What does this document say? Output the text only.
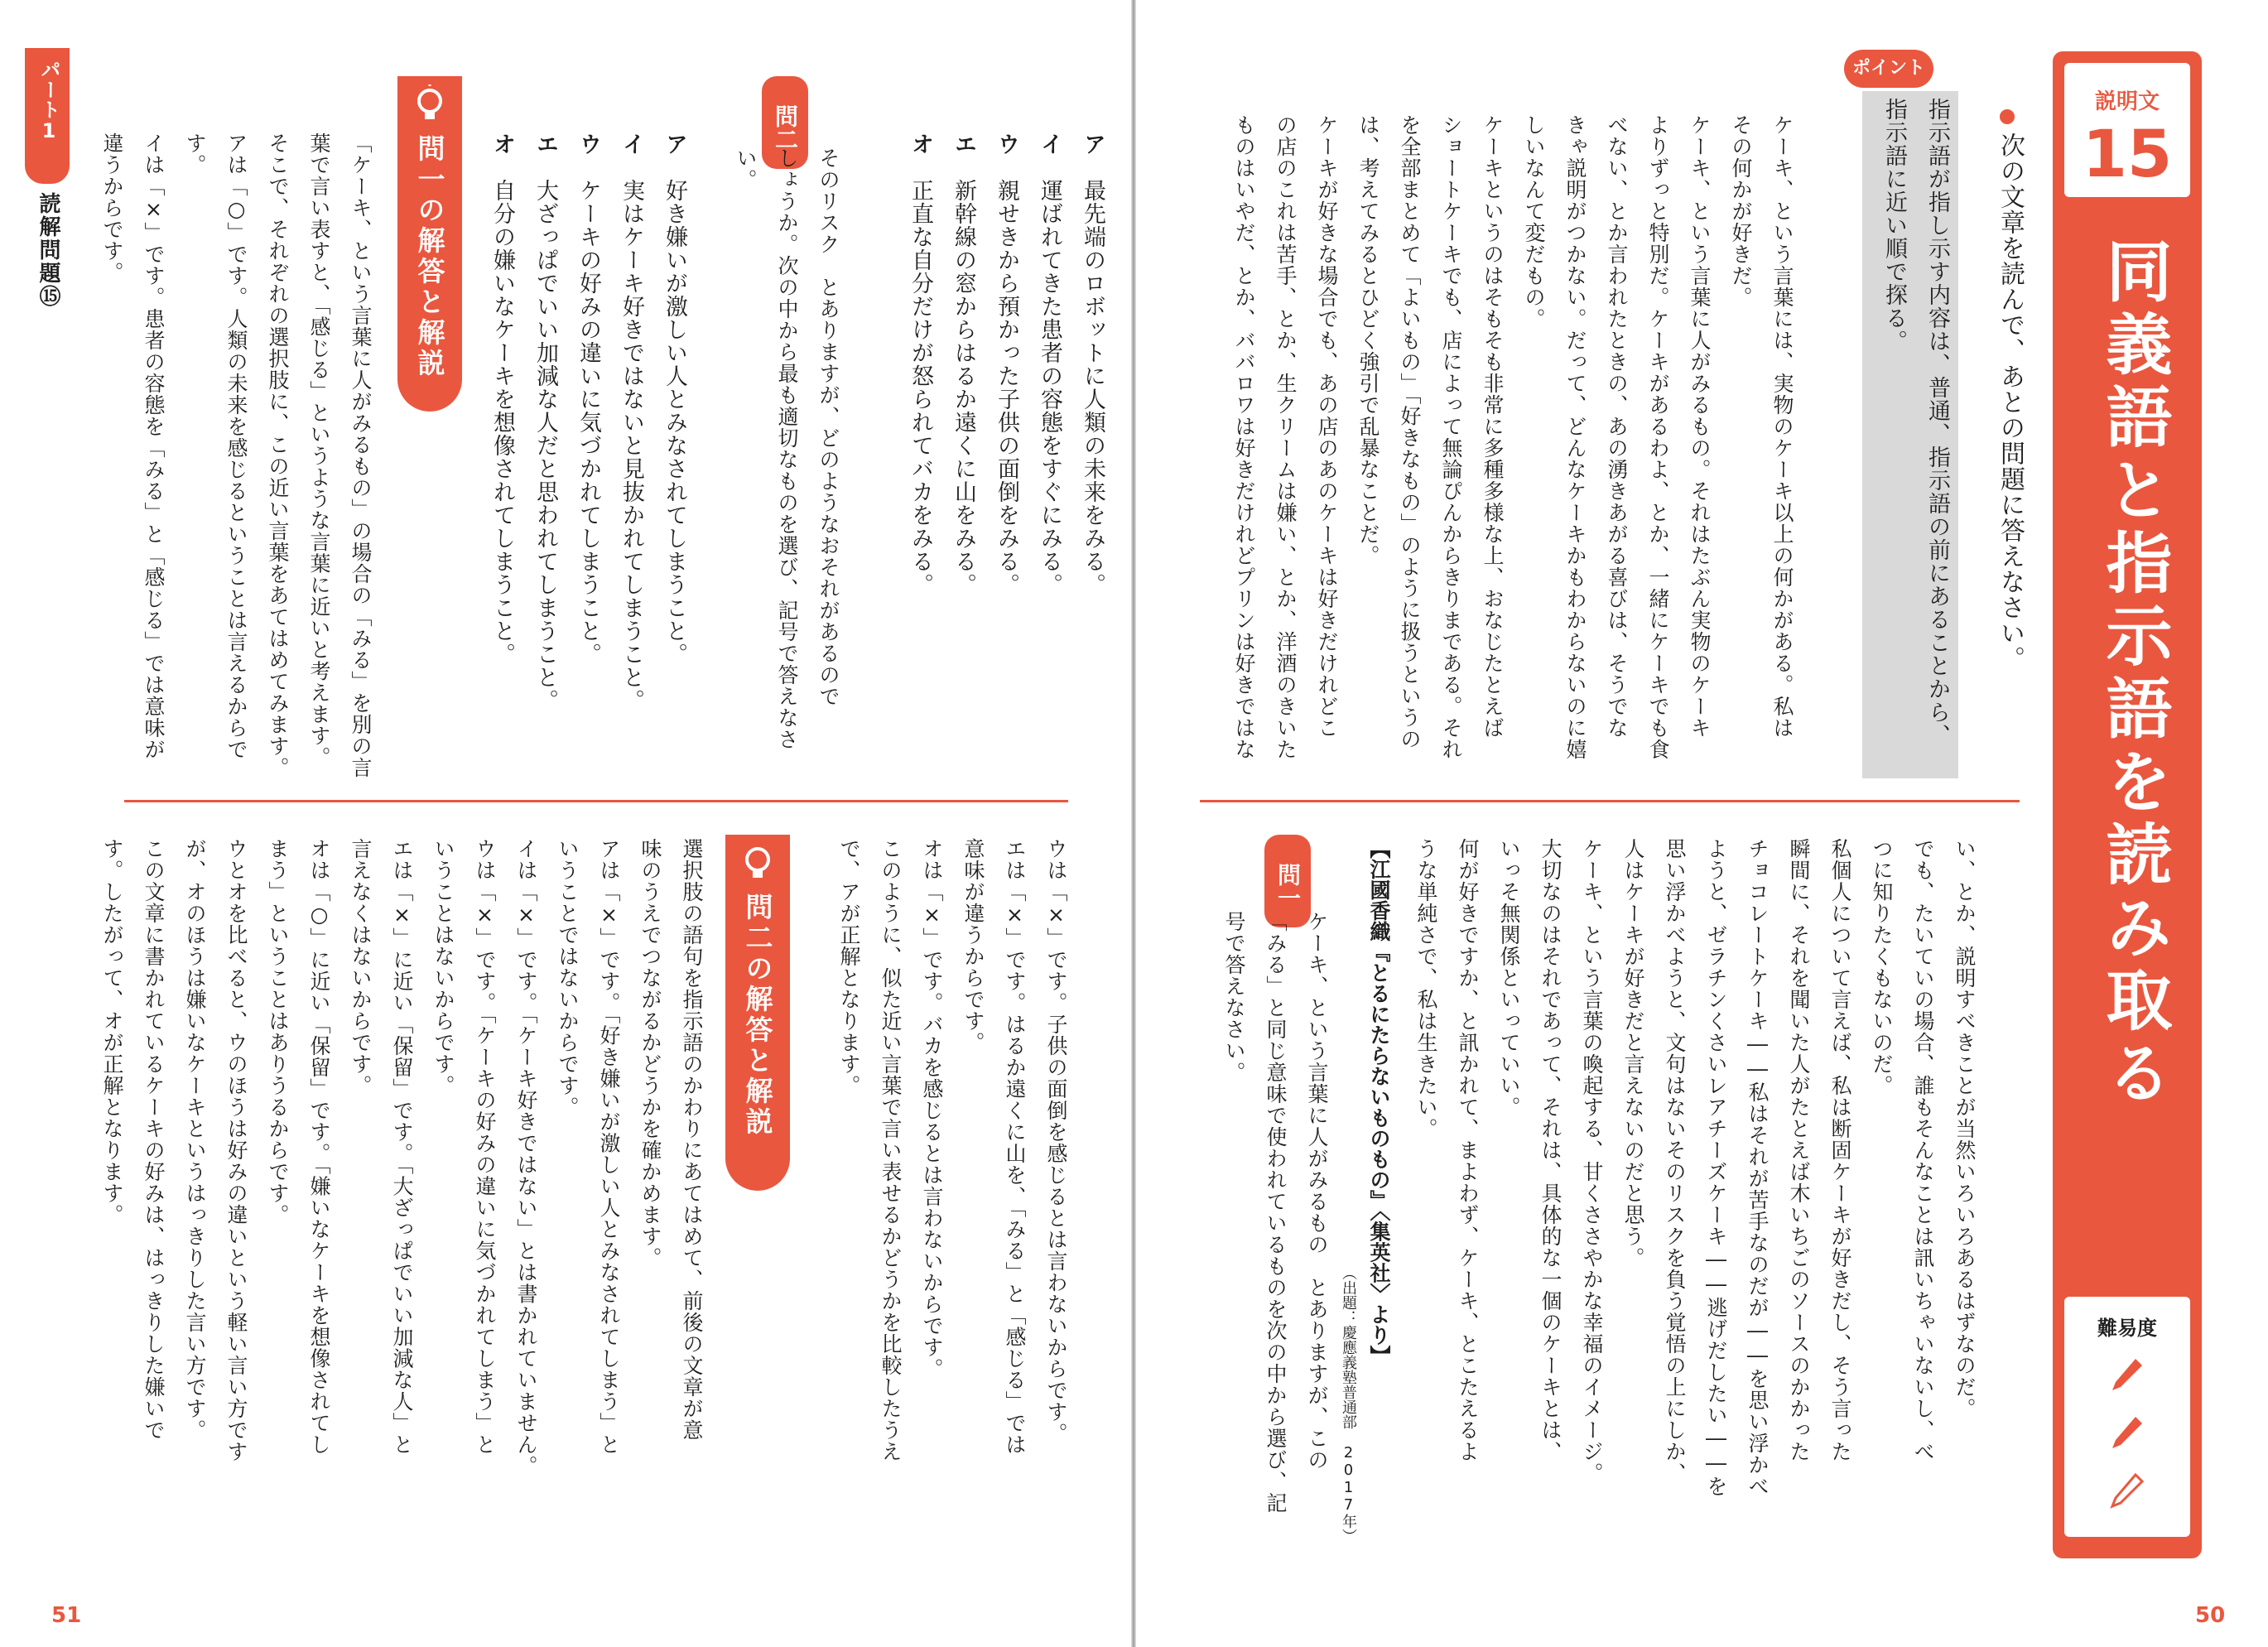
パート1
読解問題⑮
問二
そのリスク　とありますが、どのようなおそれがあるので
しょうか。次の中から最も適切なものを選び、記号で答えなさ
い。
ア　最先端のロボットに人類の未来をみる。
イ　運ばれてきた患者の容態をすぐにみる。
ウ　親せきから預かった子供の面倒をみる。
エ　新幹線の窓からはるか遠くに山をみる。
オ　正直な自分だけが怒られてバカをみる。
ア　好き嫌いが激しい人とみなされてしまうこと。
イ　実はケーキ好きではないと見抜かれてしまうこと。
ウ　ケーキの好みの違いに気づかれてしまうこと。
エ　大ざっぱでいい加減な人だと思われてしまうこと。
オ　自分の嫌いなケーキを想像されてしまうこと。
問一の解答と解説
「ケーキ、という言葉に人がみるもの」の場合の「みる」を別の言
葉で言い表すと、「感じる」というような言葉に近いと考えます。
そこで、それぞれの選択肢に、この近い言葉をあてはめてみます。
アは「○」です。人類の未来を感じるということは言えるからで
す。
イは「×」です。患者の容態を「みる」と「感じる」では意味が
違うからです。
ウは「×」です。子供の面倒を感じるとは言わないからです。
エは「×」です。はるか遠くに山を、「みる」と「感じる」では
意味が違うからです。
オは「×」です。バカを感じるとは言わないからです。
このように、似た近い言葉で言い表せるかどうかを比較したうえ
で、アが正解となります。
問二の解答と解説
選択肢の語句を指示語のかわりにあてはめて、前後の文章が意
味のうえでつながるかどうかを確かめます。
アは「×」です。「好き嫌いが激しい人とみなされてしまう」と
いうことではないからです。
イは「×」です。「ケーキ好きではない」とは書かれていません。
ウは「×」です。「ケーキの好みの違いに気づかれてしまう」と
いうことはないからです。
エは「×」に近い「保留」です。「大ざっぱでいい加減な人」と
言えなくはないからです。
オは「○」に近い「保留」です。「嫌いなケーキを想像されてし
まう」ということはありうるからです。
ウとオを比べると、ウのほうは好みの違いという軽い言い方です
が、オのほうは嫌いなケーキというはっきりした言い方です。
この文章に書かれているケーキの好みは、はっきりした嫌いで
す。したがって、オが正解となります。
51
説明文
15
同義語と指示語を読み取る
難易度
次の文章を読んで、あとの問題に答えなさい。
ポイント
指示語が指し示す内容は、普通、指示語の前にあることから、
指示語に近い順で探る。
ケーキ、という言葉には、実物のケーキ以上の何かがある。私は
その何かが好きだ。
ケーキ、という言葉に人がみるもの。それはたぶん実物のケーキ
よりずっと特別だ。ケーキがあるわよ、とか、一緒にケーキでも食
べない、とか言われたときの、あの湧きあがる喜びは、そうでな
きゃ説明がつかない。だって、どんなケーキかもわからないのに嬉
しいなんて変だもの。
ケーキというのはそもそも非常に多種多様な上、おなじたとえば
ショートケーキでも、店によって無論ぴんからきりまである。それ
を全部まとめて「よいもの」「好きなもの」のように扱うというの
は、考えてみるとひどく強引で乱暴なことだ。
ケーキが好きな場合でも、あの店のあのケーキは好きだけれどこ
の店のこれは苦手、とか、生クリームは嫌い、とか、洋酒のきいた
ものはいやだ、とか、ババロワは好きだけれどプリンは好きではな
い、とか、説明すべきことが当然いろいろあるはずなのだ。
でも、たいていの場合、誰もそんなことは訊いちゃいないし、べ
つに知りたくもないのだ。
私個人について言えば、私は断固ケーキが好きだし、そう言った
瞬間に、それを聞いた人がたとえば木いちごのソースのかかった
チョコレートケーキ――私はそれが苦手なのだが――を思い浮かべ
ようと、ゼラチンくさいレアチーズケーキ――逃げだしたい――を
思い浮かべようと、文句はないそのリスクを負う覚悟の上にしか、
人はケーキが好きだと言えないのだと思う。
ケーキ、という言葉の喚起する、甘くささやかな幸福のイメージ。
大切なのはそれであって、それは、具体的な一個のケーキとは、
いっそ無関係といっていい。
何が好きですか、と訊かれて、まよわず、ケーキ、とこたえるよ
うな単純さで、私は生きたい。
【江國香織『とるにたらないものもの』〈集英社〉より】
（出題：慶應義塾普通部　2017年）
問一
ケーキ、という言葉に人がみるもの　とありますが、この
「みる」と同じ意味で使われているものを次の中から選び、記
号で答えなさい。
50
